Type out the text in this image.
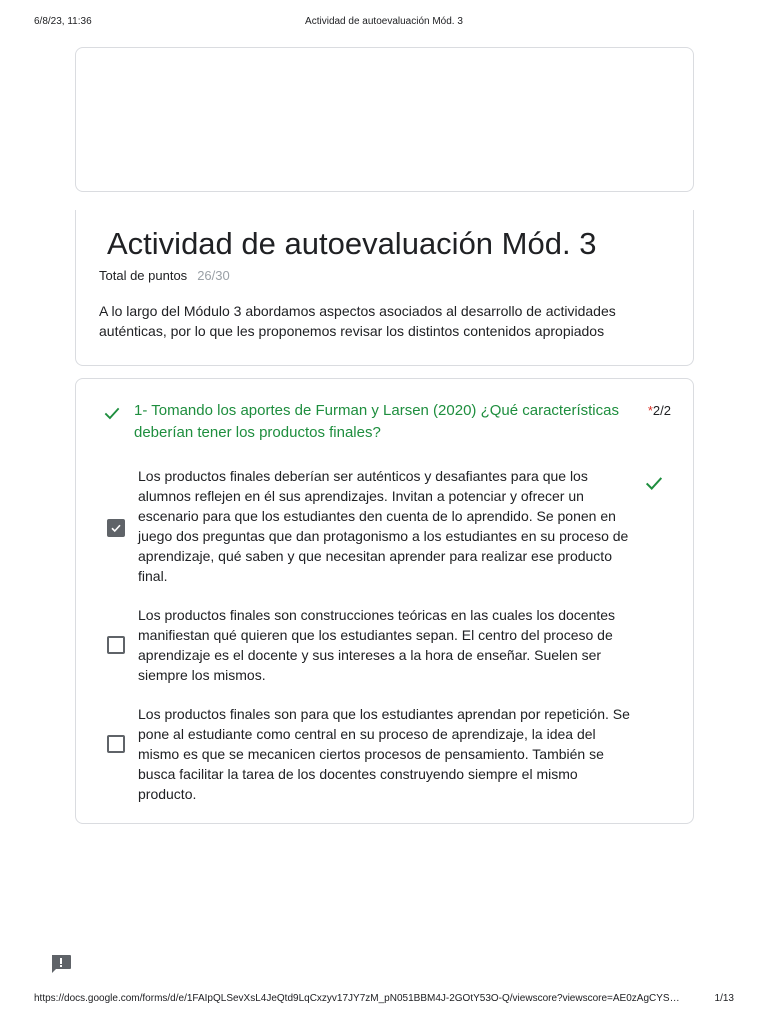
6/8/23, 11:36	Actividad de autoevaluación Mód. 3
Actividad de autoevaluación Mód. 3
Total de puntos 26/30
A lo largo del Módulo 3 abordamos aspectos asociados al desarrollo de actividades auténticas, por lo que les proponemos revisar los distintos contenidos apropiados
1- Tomando los aportes de Furman y Larsen (2020) ¿Qué características deberían tener los productos finales?
*2/2
Los productos finales deberían ser auténticos y desafiantes para que los alumnos reflejen en él sus aprendizajes. Invitan a potenciar y ofrecer un escenario para que los estudiantes den cuenta de lo aprendido. Se ponen en juego dos preguntas que dan protagonismo a los estudiantes en su proceso de aprendizaje, qué saben y que necesitan aprender para realizar ese producto final.
Los productos finales son construcciones teóricas en las cuales los docentes manifiestan qué quieren que los estudiantes sepan. El centro del proceso de aprendizaje es el docente y sus intereses a la hora de enseñar. Suelen ser siempre los mismos.
Los productos finales son para que los estudiantes aprendan por repetición. Se pone al estudiante como central en su proceso de aprendizaje, la idea del mismo es que se mecanicen ciertos procesos de pensamiento. También se busca facilitar la tarea de los docentes construyendo siempre el mismo producto.
https://docs.google.com/forms/d/e/1FAIpQLSevXsL4JeQtd9LqCxzyv17JY7zM_pN051BBM4J-2GOtY53O-Q/viewscore?viewscore=AE0zAgCYS…	1/13
